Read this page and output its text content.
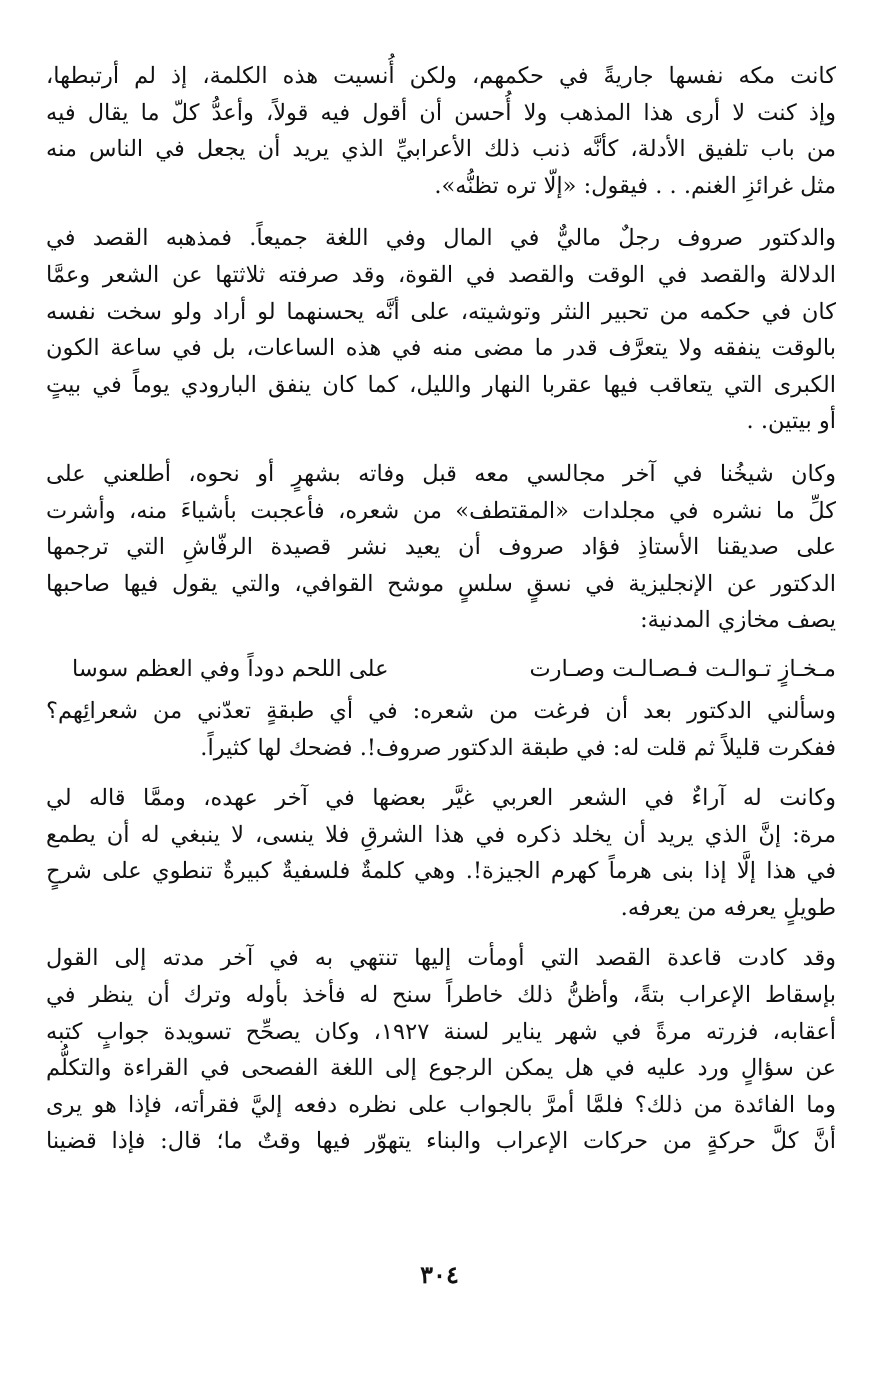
كانت مكه نفسها جاريةً في حكمهم، ولكن أُنسيت هذه الكلمة، إذ لم أرتبطها،
وإذ كنت لا أرى هذا المذهب ولا أُحسن أن أقول فيه قولاً، وأعدُّ كلّ ما يقال فيه
من باب تلفيق الأدلة، كأنَّه ذنب ذلك الأعرابيِّ الذي يريد أن يجعل في الناس منه
مثل غرائزِ الغنم. . . فيقول: «إلّا تره تظنُّه».

والدكتور صروف رجلٌ ماليٌّ في المال وفي اللغة جميعاً. فمذهبه القصد في
الدلالة والقصد في الوقت والقصد في القوة، وقد صرفته ثلاثتها عن الشعر وعمَّا
كان في حكمه من تحبير النثر وتوشيته، على أنَّه يحسنهما لو أراد ولو سخت نفسه
بالوقت ينفقه ولا يتعرَّف قدر ما مضى منه في هذه الساعات، بل في ساعة الكون
الكبرى التي يتعاقب فيها عقربا النهار والليل، كما كان ينفق البارودي يوماً في بيتٍ
أو بيتين. .

وكان شيخُنا في آخر مجالسي معه قبل وفاته بشهرٍ أو نحوه، أطلعني على
كلِّ ما نشره في مجلدات «المقتطف» من شعره، فأعجبت بأشياءَ منه، وأشرت
على صديقنا الأستاذِ فؤاد صروف أن يعيد نشر قصيدة الرفّاشِ التي ترجمها
الدكتور عن الإنجليزية في نسقٍ سلسٍ موشح القوافي، والتي يقول فيها صاحبها
يصف مخازي المدنية:

مـخـازٍ تـوالـت فـصـالـت وصـارت
على اللحم دوداً وفي العظم سوسا

وسألني الدكتور بعد أن فرغت من شعره: في أي طبقةٍ تعدّني من شعرائِهم؟
ففكرت قليلاً ثم قلت له: في طبقة الدكتور صروف!. فضحك لها كثيراً.

وكانت له آراءٌ في الشعر العربي غيَّر بعضها في آخر عهده، وممَّا قاله لي
مرة: إنَّ الذي يريد أن يخلد ذكره في هذا الشرقِ فلا ينسى، لا ينبغي له أن يطمع
في هذا إلَّا إذا بنى هرماً كهرم الجيزة!. وهي كلمةٌ فلسفيةٌ كبيرةٌ تنطوي على شرحٍ
طويلٍ يعرفه من يعرفه.

وقد كادت قاعدة القصد التي أومأت إليها تنتهي به في آخر مدته إلى القول
بإسقاط الإعراب بتةً، وأظنُّ ذلك خاطراً سنح له فأخذ بأوله وترك أن ينظر في
أعقابه، فزرته مرةً في شهر يناير لسنة ١٩٢٧، وكان يصحِّح تسويدة جوابٍ كتبه
عن سؤالٍ ورد عليه في هل يمكن الرجوع إلى اللغة الفصحى في القراءة والتكلُّم
وما الفائدة من ذلك؟ فلمَّا أمرَّ بالجواب على نظره دفعه إليَّ فقرأته، فإذا هو يرى
أنَّ كلَّ حركةٍ من حركات الإعراب والبناء يتهوّر فيها وقتٌ ما؛ قال: فإذا قضينا

٣٠٤
